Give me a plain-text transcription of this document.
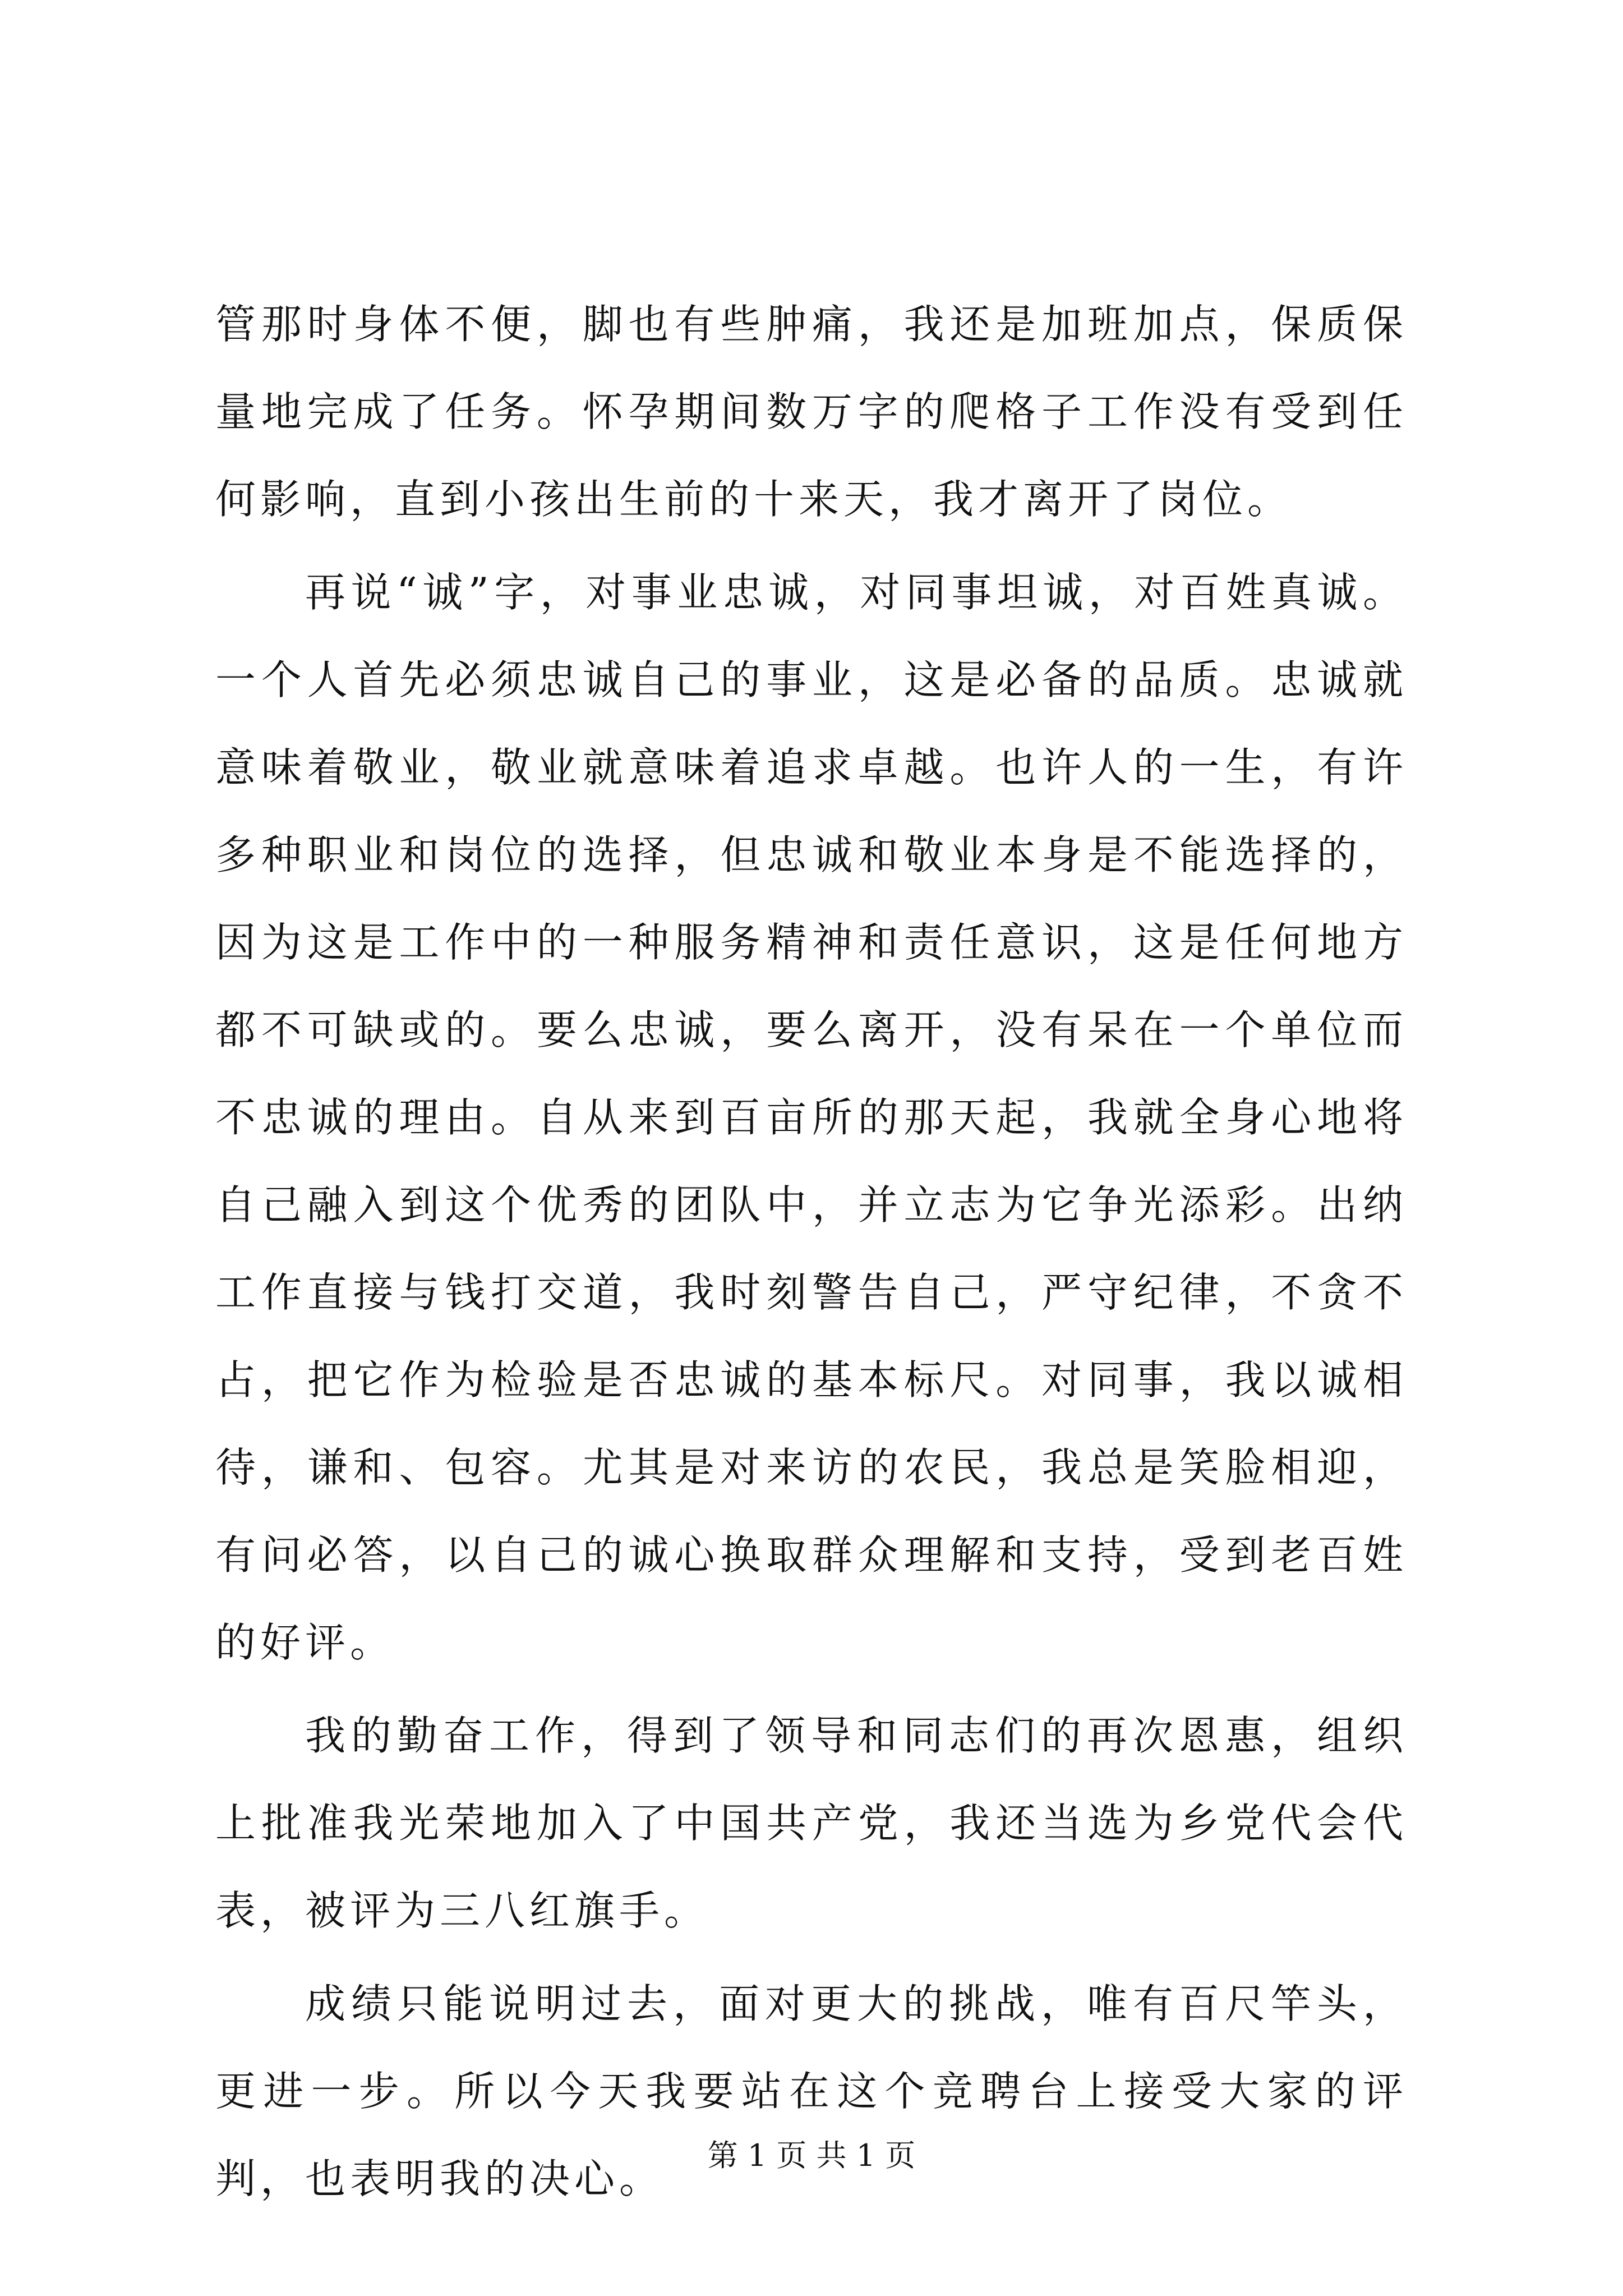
管那时身体不便，脚也有些肿痛，我还是加班加点，保质保量地完成了任务。怀孕期间数万字的爬格子工作没有受到任何影响，直到小孩出生前的十来天，我才离开了岗位。

再说“诚”字，对事业忠诚，对同事坦诚，对百姓真诚。一个人首先必须忠诚自己的事业，这是必备的品质。忠诚就意味着敬业，敬业就意味着追求卓越。也许人的一生，有许多种职业和岗位的选择，但忠诚和敬业本身是不能选择的，因为这是工作中的一种服务精神和责任意识，这是任何地方都不可缺或的。要么忠诚，要么离开，没有呆在一个单位而不忠诚的理由。自从来到百亩所的那天起，我就全身心地将自己融入到这个优秀的团队中，并立志为它争光添彩。出纳工作直接与钱打交道，我时刻警告自己，严守纪律，不贪不占，把它作为检验是否忠诚的基本标尺。对同事，我以诚相待，谦和、包容。尤其是对来访的农民，我总是笑脸相迎，有问必答，以自己的诚心换取群众理解和支持，受到老百姓的好评。

我的勤奋工作，得到了领导和同志们的再次恩惠，组织上批准我光荣地加入了中国共产党，我还当选为乡党代会代表，被评为三八红旗手。

成绩只能说明过去，面对更大的挑战，唯有百尺竿头，更进一步。所以今天我要站在这个竞聘台上接受大家的评判，也表明我的决心。	第 1 页 共 1 页
